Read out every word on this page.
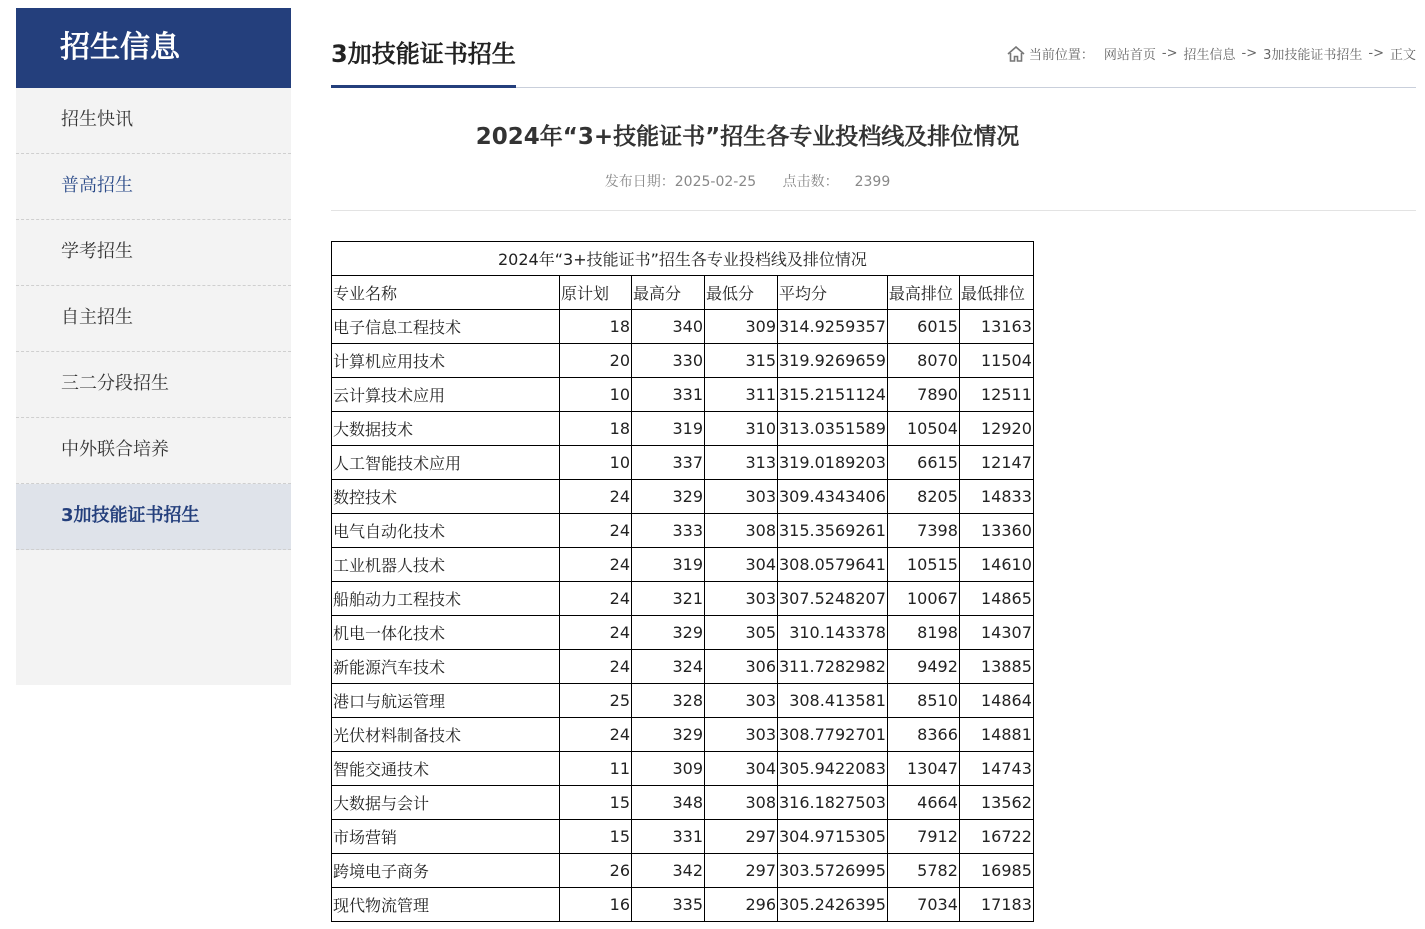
招生信息
招生快讯
普高招生
学考招生
自主招生
三二分段招生
中外联合培养
3加技能证书招生
3加技能证书招生	当前位置： 网站首页 -> 招生信息 -> 3加技能证书招生 -> 正文
2024年“3+技能证书”招生各专业投档线及排位情况
发布日期：2025-02-25 点击数： 2399
2024年“3+技能证书”招生各专业投档线及排位情况						
专业名称	原计划	最高分	最低分	平均分	最高排位	最低排位
电子信息工程技术	18	340	309	314.9259357	6015	13163
计算机应用技术	20	330	315	319.9269659	8070	11504
云计算技术应用	10	331	311	315.2151124	7890	12511
大数据技术	18	319	310	313.0351589	10504	12920
人工智能技术应用	10	337	313	319.0189203	6615	12147
数控技术	24	329	303	309.4343406	8205	14833
电气自动化技术	24	333	308	315.3569261	7398	13360
工业机器人技术	24	319	304	308.0579641	10515	14610
船舶动力工程技术	24	321	303	307.5248207	10067	14865
机电一体化技术	24	329	305	310.143378	8198	14307
新能源汽车技术	24	324	306	311.7282982	9492	13885
港口与航运管理	25	328	303	308.413581	8510	14864
光伏材料制备技术	24	329	303	308.7792701	8366	14881
智能交通技术	11	309	304	305.9422083	13047	14743
大数据与会计	15	348	308	316.1827503	4664	13562
市场营销	15	331	297	304.9715305	7912	16722
跨境电子商务	26	342	297	303.5726995	5782	16985
现代物流管理	16	335	296	305.2426395	7034	17183
